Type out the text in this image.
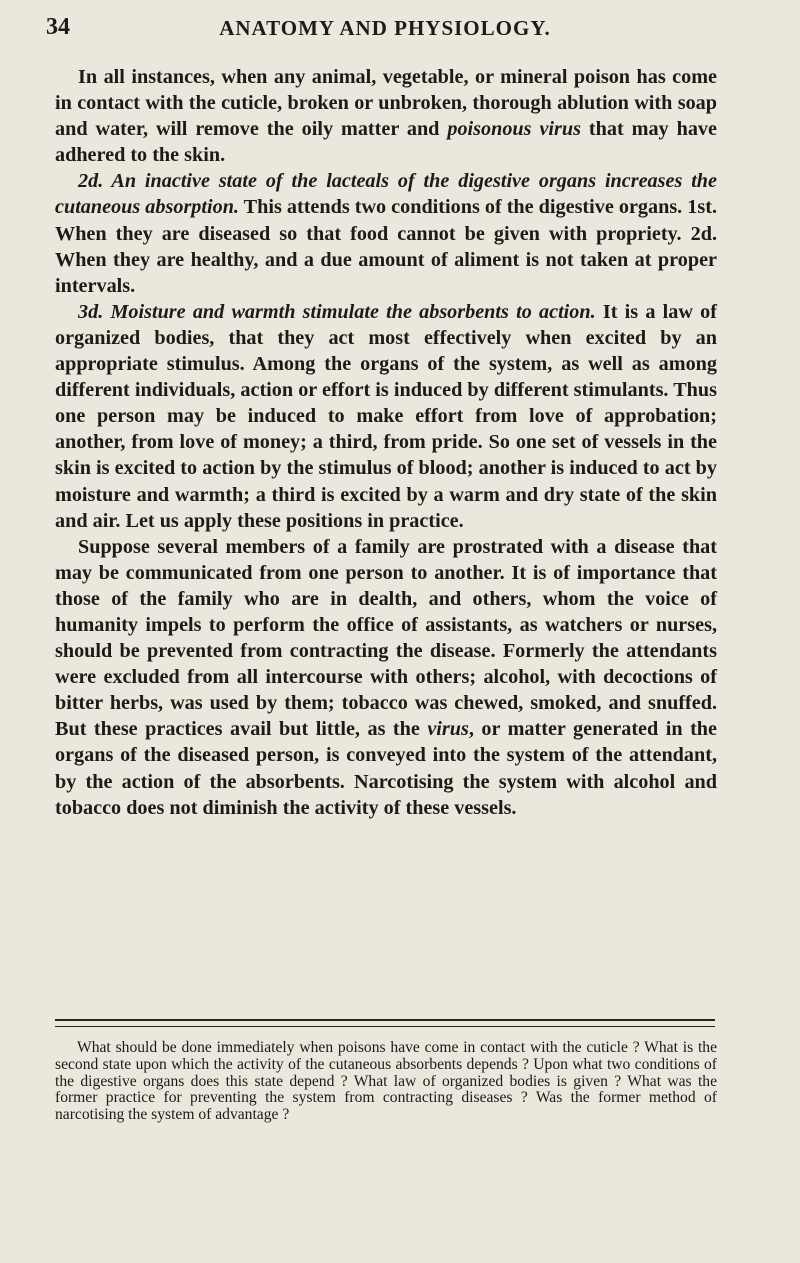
34	ANATOMY AND PHYSIOLOGY.

In all instances, when any animal, vegetable, or mineral poison has come in contact with the cuticle, broken or unbroken, thorough ablution with soap and water, will remove the oily matter and poisonous virus that may have adhered to the skin.

2d. An inactive state of the lacteals of the digestive organs increases the cutaneous absorption. This attends two conditions of the digestive organs. 1st. When they are diseased so that food cannot be given with propriety. 2d. When they are healthy, and a due amount of aliment is not taken at proper intervals.

3d. Moisture and warmth stimulate the absorbents to action. It is a law of organized bodies, that they act most effectively when excited by an appropriate stimulus. Among the organs of the system, as well as among different individuals, action or effort is induced by different stimulants. Thus one person may be induced to make effort from love of approbation; another, from love of money; a third, from pride. So one set of vessels in the skin is excited to action by the stimulus of blood; another is induced to act by moisture and warmth; a third is excited by a warm and dry state of the skin and air. Let us apply these positions in practice.

Suppose several members of a family are prostrated with a disease that may be communicated from one person to another. It is of importance that those of the family who are in dealth, and others, whom the voice of humanity impels to perform the office of assistants, as watchers or nurses, should be prevented from contracting the disease. Formerly the attendants were excluded from all intercourse with others; alcohol, with decoctions of bitter herbs, was used by them; tobacco was chewed, smoked, and snuffed. But these practices avail but little, as the virus, or matter generated in the organs of the diseased person, is conveyed into the system of the attendant, by the action of the absorbents. Narcotising the system with alcohol and tobacco does not diminish the activity of these vessels.

What should be done immediately when poisons have come in contact with the cuticle ? What is the second state upon which the activity of the cutaneous absorbents depends ? Upon what two conditions of the digestive organs does this state depend ? What law of organized bodies is given ? What was the former practice for preventing the system from contracting diseases ? Was the former method of narcotising the system of advantage ?
